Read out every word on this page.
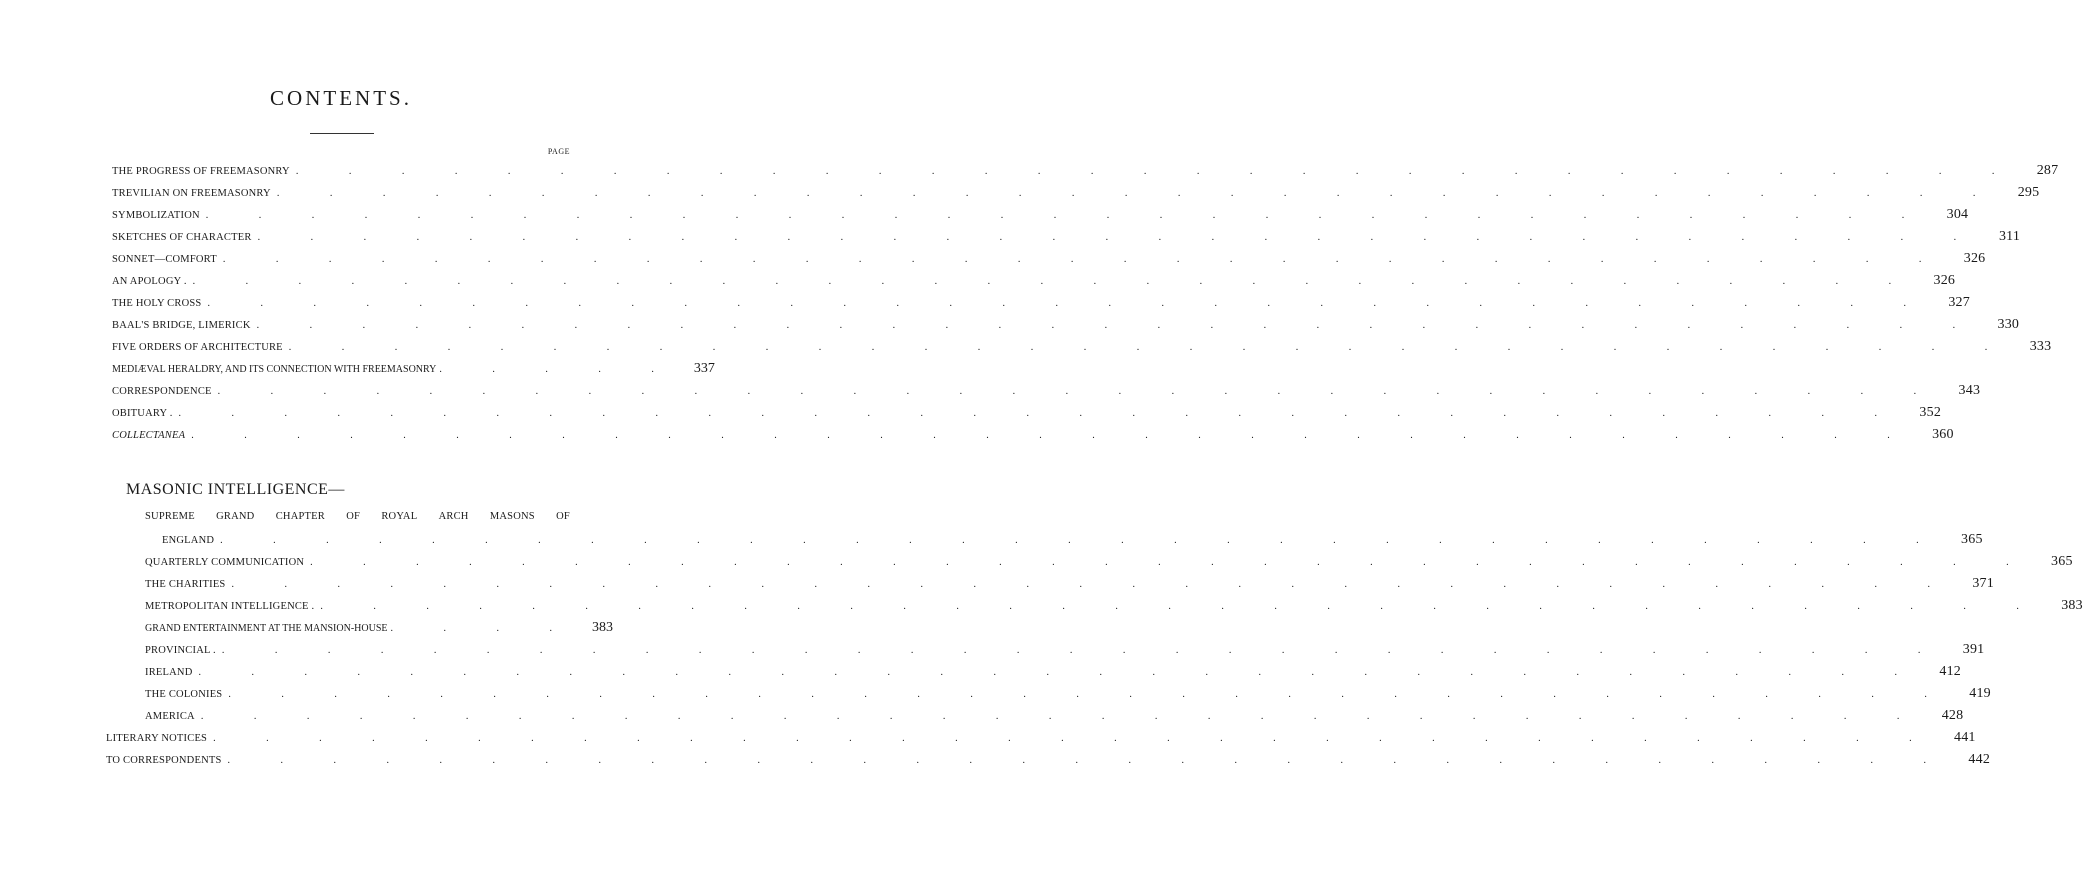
CONTENTS.
PAGE
THE PROGRESS OF FREEMASONRY . . . . . . . . . . . . . . . . . . . . . . . . . . . . . . . . .	287
TREVILIAN ON FREEMASONRY . . . . . . . . . . . . . . . . . . . . . . . . . . . . . . . . .	295
SYMBOLIZATION . . . . . . . . . . . . . . . . . . . . . . . . . . . . . . . . .	304
SKETCHES OF CHARACTER . . . . . . . . . . . . . . . . . . . . . . . . . . . . . . . . .	311
SONNET—COMFORT . . . . . . . . . . . . . . . . . . . . . . . . . . . . . . . . .	326
AN APOLOGY . . . . . . . . . . . . . . . . . . . . . . . . . . . . . . . . . .	326
THE HOLY CROSS . . . . . . . . . . . . . . . . . . . . . . . . . . . . . . . . .	327
BAAL'S BRIDGE, LIMERICK . . . . . . . . . . . . . . . . . . . . . . . . . . . . . . . . .	330
FIVE ORDERS OF ARCHITECTURE . . . . . . . . . . . . . . . . . . . . . . . . . . . . . . . . .	333
MEDIÆVAL HERALDRY, AND ITS CONNECTION WITH FREEMASONRY . . . . .	337
CORRESPONDENCE . . . . . . . . . . . . . . . . . . . . . . . . . . . . . . . . .	343
OBITUARY . . . . . . . . . . . . . . . . . . . . . . . . . . . . . . . . . .	352
COLLECTANEA . . . . . . . . . . . . . . . . . . . . . . . . . . . . . . . . .	360
MASONIC INTELLIGENCE—
SUPREME GRAND CHAPTER OF ROYAL ARCH MASONS OF
ENGLAND . . . . . . . . . . . . . . . . . . . . . . . . . . . . . . . . .	365
QUARTERLY COMMUNICATION . . . . . . . . . . . . . . . . . . . . . . . . . . . . . . . . .	365
THE CHARITIES . . . . . . . . . . . . . . . . . . . . . . . . . . . . . . . . .	371
METROPOLITAN INTELLIGENCE . . . . . . . . . . . . . . . . . . . . . . . . . . . . . . . . . .	383
GRAND ENTERTAINMENT AT THE MANSION-HOUSE . . . .	383
PROVINCIAL . . . . . . . . . . . . . . . . . . . . . . . . . . . . . . . . . .	391
IRELAND . . . . . . . . . . . . . . . . . . . . . . . . . . . . . . . . .	412
THE COLONIES . . . . . . . . . . . . . . . . . . . . . . . . . . . . . . . . .	419
AMERICA . . . . . . . . . . . . . . . . . . . . . . . . . . . . . . . . .	428
LITERARY NOTICES . . . . . . . . . . . . . . . . . . . . . . . . . . . . . . . . .	441
TO CORRESPONDENTS . . . . . . . . . . . . . . . . . . . . . . . . . . . . . . . . .	442
